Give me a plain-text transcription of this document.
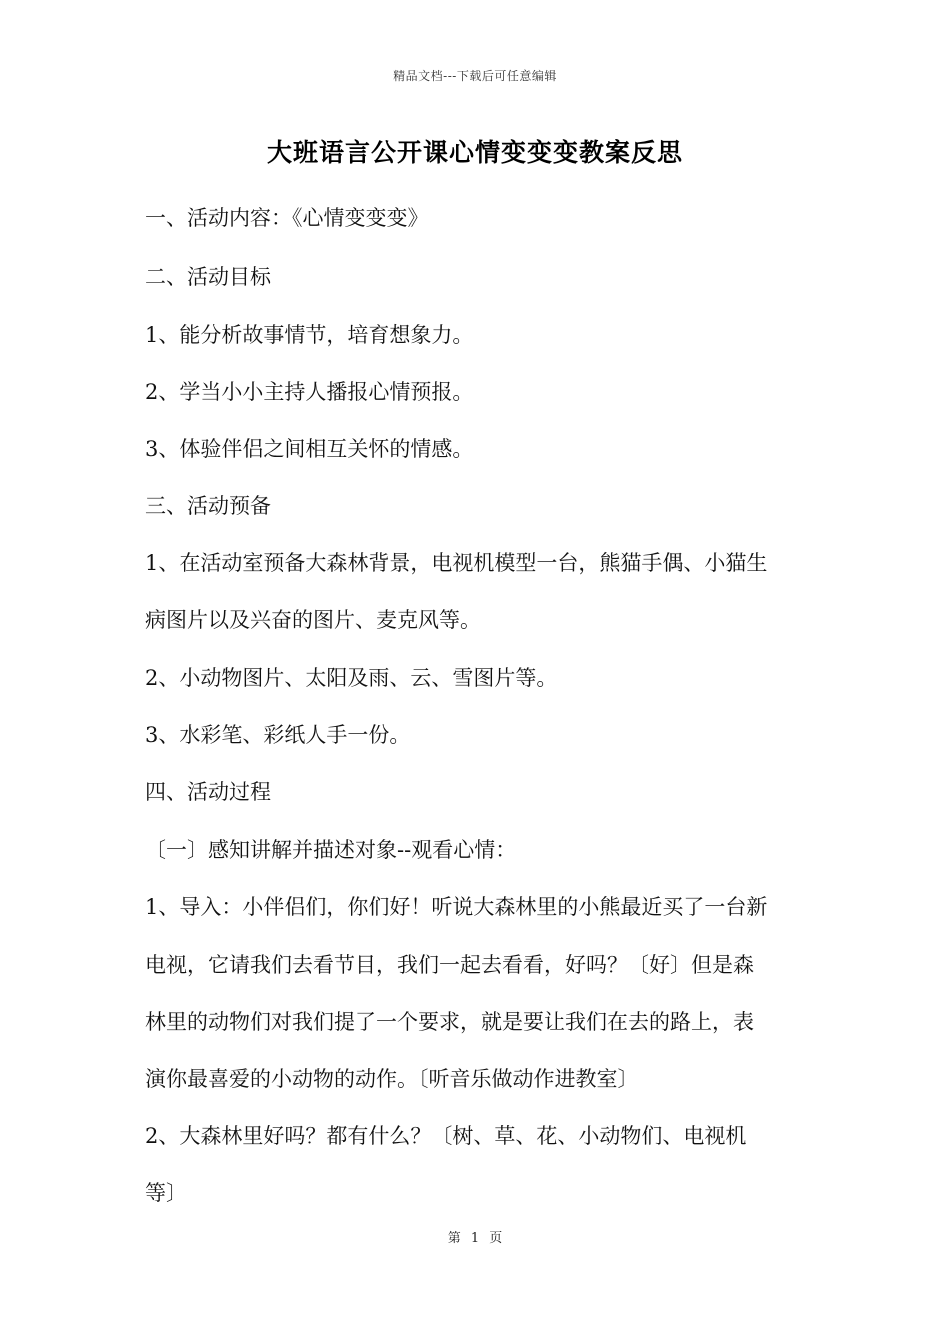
精品文档---下载后可任意编辑
大班语言公开课心情变变变教案反思
一、活动内容：《心情变变变》
二、活动目标
1、能分析故事情节，培育想象力。
2、学当小小主持人播报心情预报。
3、体验伴侣之间相互关怀的情感。
三、活动预备
1、在活动室预备大森林背景，电视机模型一台，熊猫手偶、小猫生
病图片以及兴奋的图片、麦克风等。
2、小动物图片、太阳及雨、云、雪图片等。
3、水彩笔、彩纸人手一份。
四、活动过程
〔一〕感知讲解并描述对象--观看心情：
1、导入：小伴侣们，你们好！听说大森林里的小熊最近买了一台新
电视，它请我们去看节目，我们一起去看看，好吗？〔好〕但是森
林里的动物们对我们提了一个要求，就是要让我们在去的路上，表
演你最喜爱的小动物的动作。〔听音乐做动作进教室〕
2、大森林里好吗？都有什么？〔树、草、花、小动物们、电视机
等〕
第 1 页
